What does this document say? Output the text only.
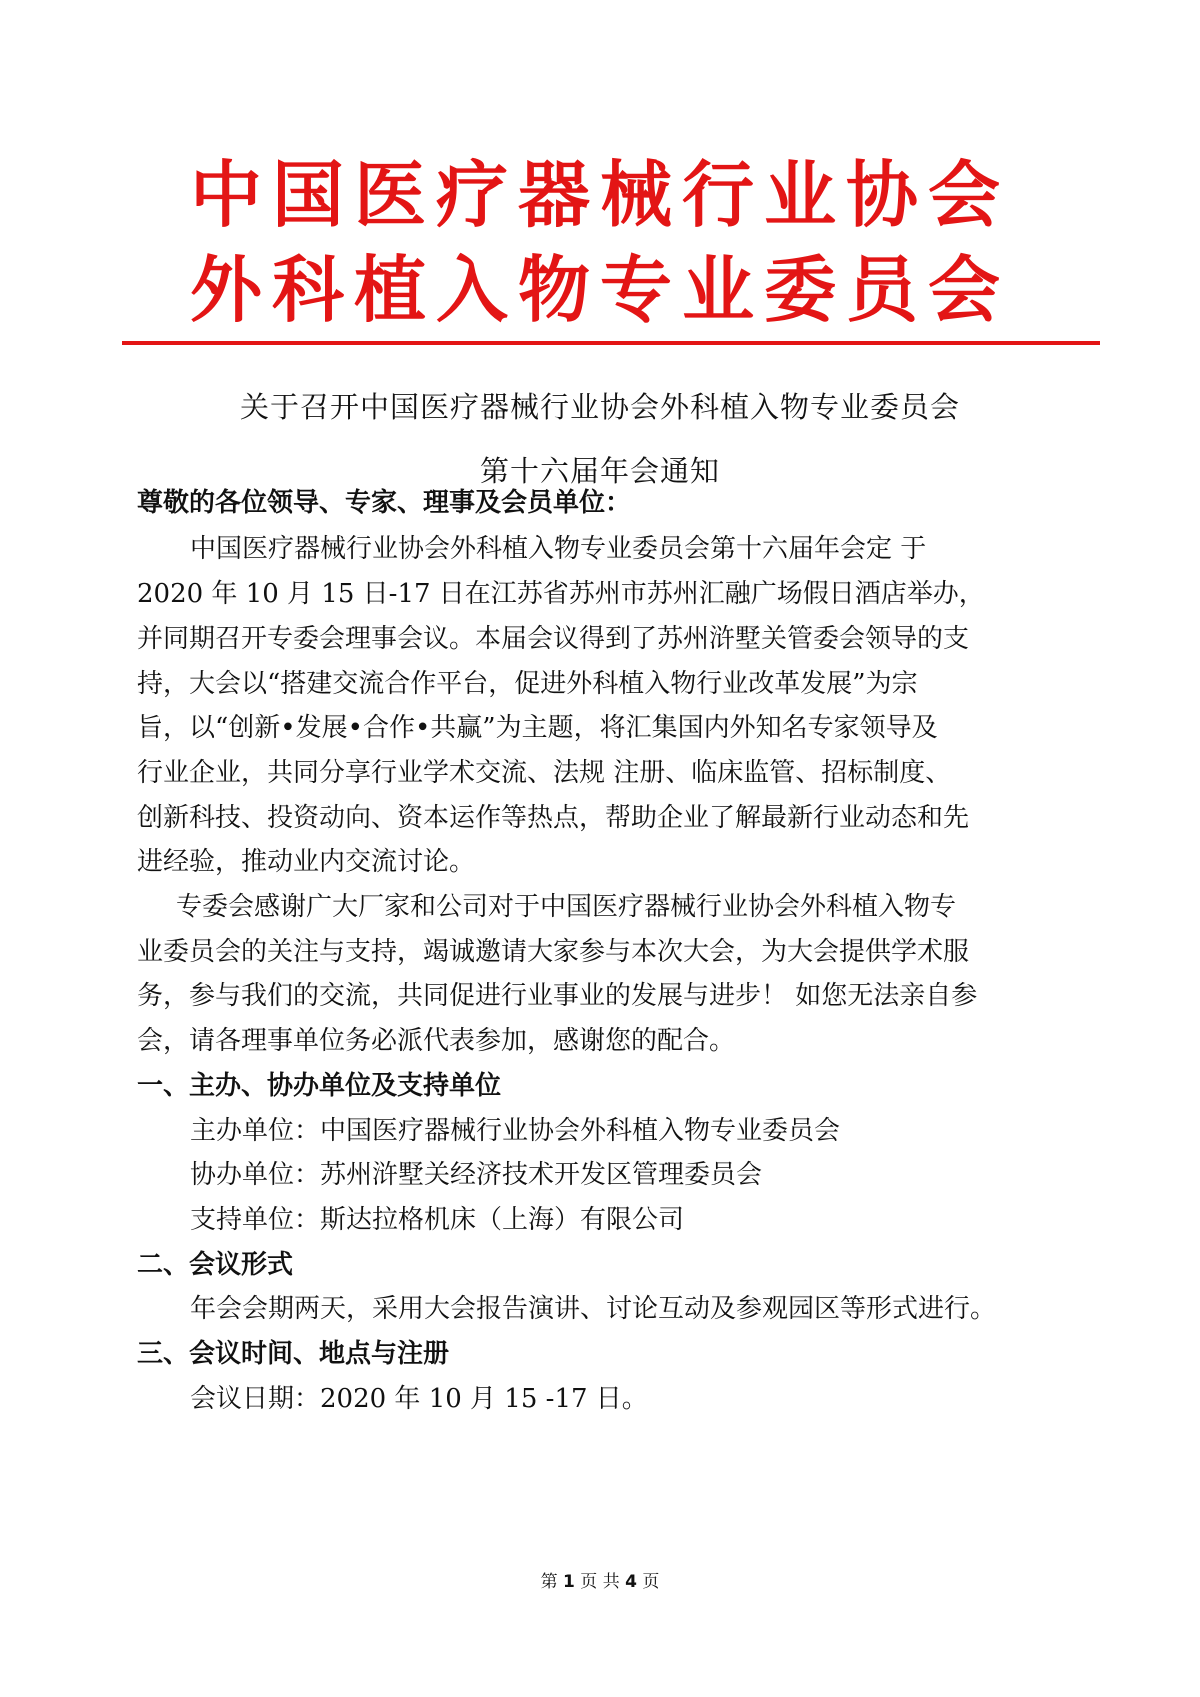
中国医疗器械行业协会
外科植入物专业委员会
关于召开中国医疗器械行业协会外科植入物专业委员会
第十六届年会通知
尊敬的各位领导、专家、理事及会员单位：
中国医疗器械行业协会外科植入物专业委员会第十六届年会定 于
2020 年 10 月 15 日-17 日在江苏省苏州市苏州汇融广场假日酒店举办，
并同期召开专委会理事会议。本届会议得到了苏州浒墅关管委会领导的支
持，大会以“搭建交流合作平台，促进外科植入物行业改革发展”为宗
旨，以“创新•发展•合作•共赢”为主题，将汇集国内外知名专家领导及
行业企业，共同分享行业学术交流、法规 注册、临床监管、招标制度、
创新科技、投资动向、资本运作等热点，帮助企业了解最新行业动态和先
进经验，推动业内交流讨论。
专委会感谢广大厂家和公司对于中国医疗器械行业协会外科植入物专
业委员会的关注与支持，竭诚邀请大家参与本次大会，为大会提供学术服
务，参与我们的交流，共同促进行业事业的发展与进步！ 如您无法亲自参
会，请各理事单位务必派代表参加，感谢您的配合。
一、主办、协办单位及支持单位
主办单位：中国医疗器械行业协会外科植入物专业委员会
协办单位：苏州浒墅关经济技术开发区管理委员会
支持单位：斯达拉格机床（上海）有限公司
二、会议形式
年会会期两天，采用大会报告演讲、讨论互动及参观园区等形式进行。
三、会议时间、地点与注册
会议日期：2020 年 10 月 15 -17 日。
第 1 页 共 4 页
